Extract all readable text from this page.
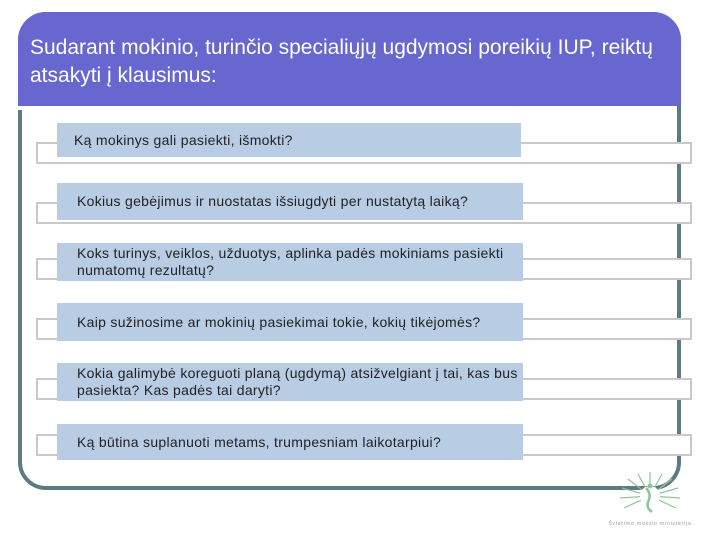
Sudarant mokinio, turinčio specialiųjų ugdymosi poreikių IUP, reiktų atsakyti į klausimus:
Ką mokinys gali pasiekti, išmokti?
Kokius gebėjimus ir nuostatas išsiugdyti per nustatytą laiką?
Koks turinys, veiklos, užduotys, aplinka padės mokiniams pasiekti numatomų rezultatų?
Kaip sužinosime ar mokinių pasiekimai tokie, kokių tikėjomės?
Kokia galimybė koreguoti planą (ugdymą) atsižvelgiant į tai, kas bus pasiekta? Kas padės tai daryti?
Ką būtina suplanuoti metams, trumpesniam laikotarpiui?
Švietimo mokslo ministerija
